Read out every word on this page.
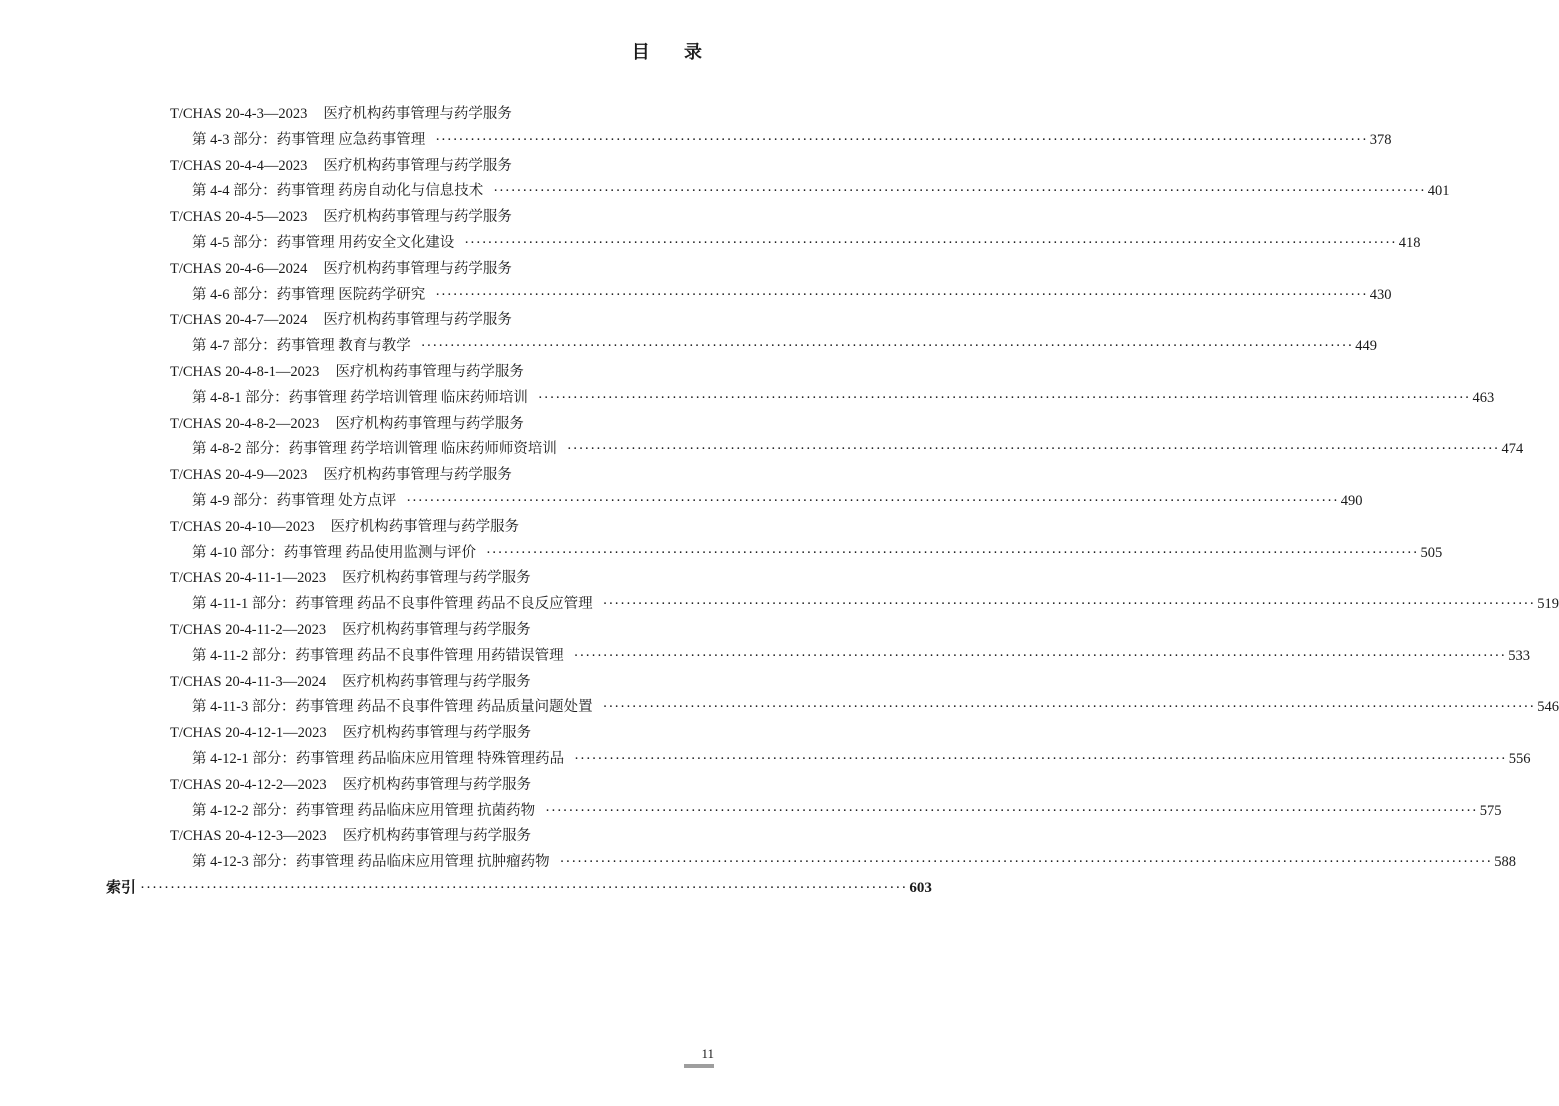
目 录
T/CHAS 20-4-3—2023 医疗机构药事管理与药学服务
第 4-3 部分：药事管理 应急药事管理 ································································································································································ 378
T/CHAS 20-4-4—2023 医疗机构药事管理与药学服务
第 4-4 部分：药事管理 药房自动化与信息技术 ································································································································································ 401
T/CHAS 20-4-5—2023 医疗机构药事管理与药学服务
第 4-5 部分：药事管理 用药安全文化建设 ································································································································································ 418
T/CHAS 20-4-6—2024 医疗机构药事管理与药学服务
第 4-6 部分：药事管理 医院药学研究 ································································································································································ 430
T/CHAS 20-4-7—2024 医疗机构药事管理与药学服务
第 4-7 部分：药事管理 教育与教学 ································································································································································ 449
T/CHAS 20-4-8-1—2023 医疗机构药事管理与药学服务
第 4-8-1 部分：药事管理 药学培训管理 临床药师培训 ································································································································································ 463
T/CHAS 20-4-8-2—2023 医疗机构药事管理与药学服务
第 4-8-2 部分：药事管理 药学培训管理 临床药师师资培训 ································································································································································ 474
T/CHAS 20-4-9—2023 医疗机构药事管理与药学服务
第 4-9 部分：药事管理 处方点评 ································································································································································ 490
T/CHAS 20-4-10—2023 医疗机构药事管理与药学服务
第 4-10 部分：药事管理 药品使用监测与评价 ································································································································································ 505
T/CHAS 20-4-11-1—2023 医疗机构药事管理与药学服务
第 4-11-1 部分：药事管理 药品不良事件管理 药品不良反应管理 ································································································································································ 519
T/CHAS 20-4-11-2—2023 医疗机构药事管理与药学服务
第 4-11-2 部分：药事管理 药品不良事件管理 用药错误管理 ································································································································································ 533
T/CHAS 20-4-11-3—2024 医疗机构药事管理与药学服务
第 4-11-3 部分：药事管理 药品不良事件管理 药品质量问题处置 ································································································································································ 546
T/CHAS 20-4-12-1—2023 医疗机构药事管理与药学服务
第 4-12-1 部分：药事管理 药品临床应用管理 特殊管理药品 ································································································································································ 556
T/CHAS 20-4-12-2—2023 医疗机构药事管理与药学服务
第 4-12-2 部分：药事管理 药品临床应用管理 抗菌药物 ································································································································································ 575
T/CHAS 20-4-12-3—2023 医疗机构药事管理与药学服务
第 4-12-3 部分：药事管理 药品临床应用管理 抗肿瘤药物 ································································································································································ 588
索引 ································································································································ 603
11
